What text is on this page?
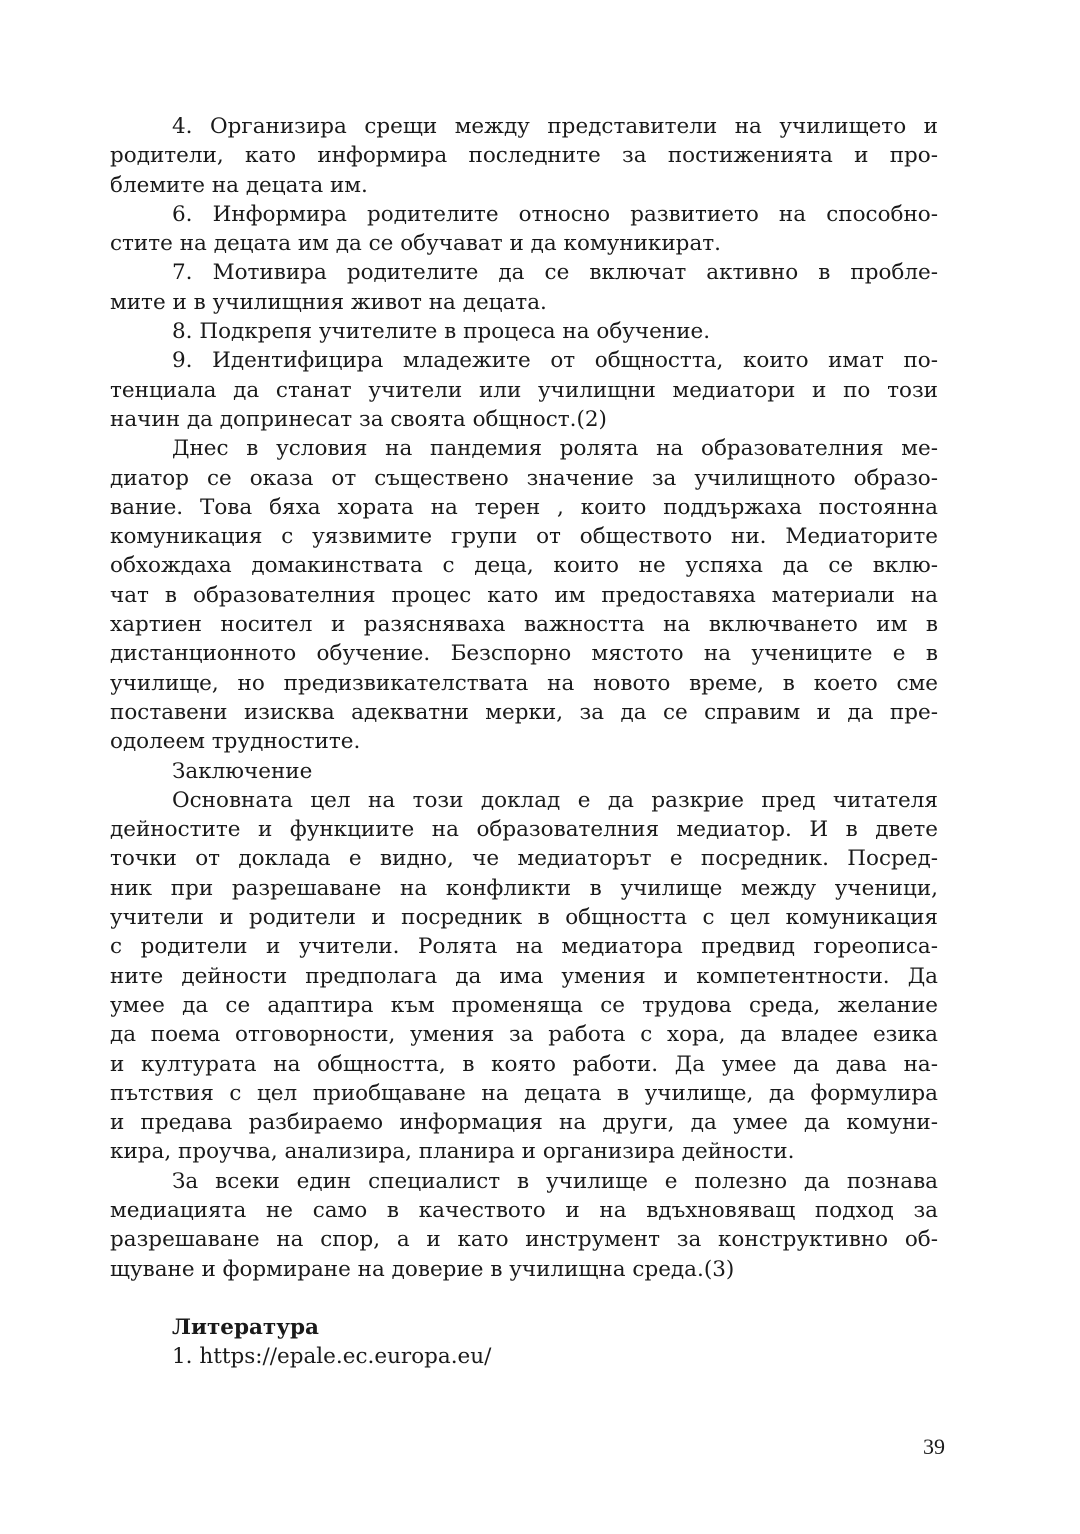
4. Организира срещи между представители на училището и
родители, като информира последните за постиженията и про-
блемите на децата им.
6. Информира родителите относно развитието на способно-
стите на децата им да се обучават и да комуникират.
7. Мотивира родителите да се включат активно в пробле-
мите и в училищния живот на децата.
8. Подкрепя учителите в процеса на обучение.
9. Идентифицира младежите от общността, които имат по-
тенциала да станат учители или училищни медиатори и по този
начин да допринесат за своята общност.(2)
Днес в условия на пандемия ролята на образователния ме-
диатор се оказа от съществено значение за училищното образо-
вание. Това бяха хората на терен , които поддържаха постоянна
комуникация с уязвимите групи от обществото ни. Медиаторите
обхождаха домакинствата с деца, които не успяха да се вклю-
чат в образователния процес като им предоставяха материали на
хартиен носител и разясняваха важността на включването им в
дистанционното обучение. Безспорно мястото на учениците е в
училище, но предизвикателствата на новото време, в което сме
поставени изисква адекватни мерки, за да се справим и да пре-
одолеем трудностите.
Заключение
Основната цел на този доклад е да разкрие пред читателя
дейностите и функциите на образователния медиатор. И в двете
точки от доклада е видно, че медиаторът е посредник. Посред-
ник при разрешаване на конфликти в училище между ученици,
учители и родители и посредник в общността с цел комуникация
с родители и учители. Ролята на медиатора предвид гореописа-
ните дейности предполага да има умения и компетентности. Да
умее да се адаптира към променяща се трудова среда, желание
да поема отговорности, умения за работа с хора, да владее езика
и културата на общността, в която работи. Да умее да дава на-
пътствия с цел приобщаване на децата в училище, да формулира
и предава разбираемо информация на други, да умее да комуни-
кира, проучва, анализира, планира и организира дейности.
За всеки един специалист в училище е полезно да познава
медиацията не само в качеството и на вдъхновяващ подход за
разрешаване на спор, а и като инструмент за конструктивно об-
щуване и формиране на доверие в училищна среда.(3)
Литература
1. https://epale.ec.europa.eu/
39
